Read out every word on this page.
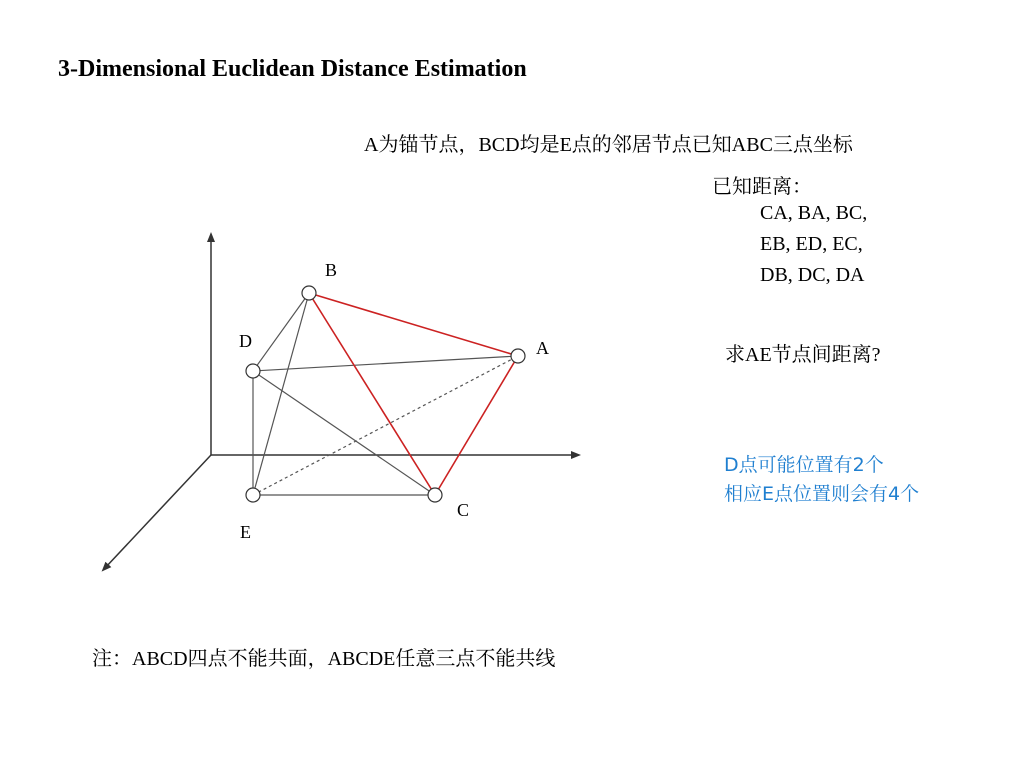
3-Dimensional Euclidean Distance Estimation
A为锚节点，BCD均是E点的邻居节点已知ABC三点坐标
已知距离：
CA, BA, BC,
EB, ED, EC,
DB, DC, DA
求AE节点间距离?
D点可能位置有2个
相应E点位置则会有4个
注：ABCD四点不能共面，ABCDE任意三点不能共线
B
A
D
E
C
